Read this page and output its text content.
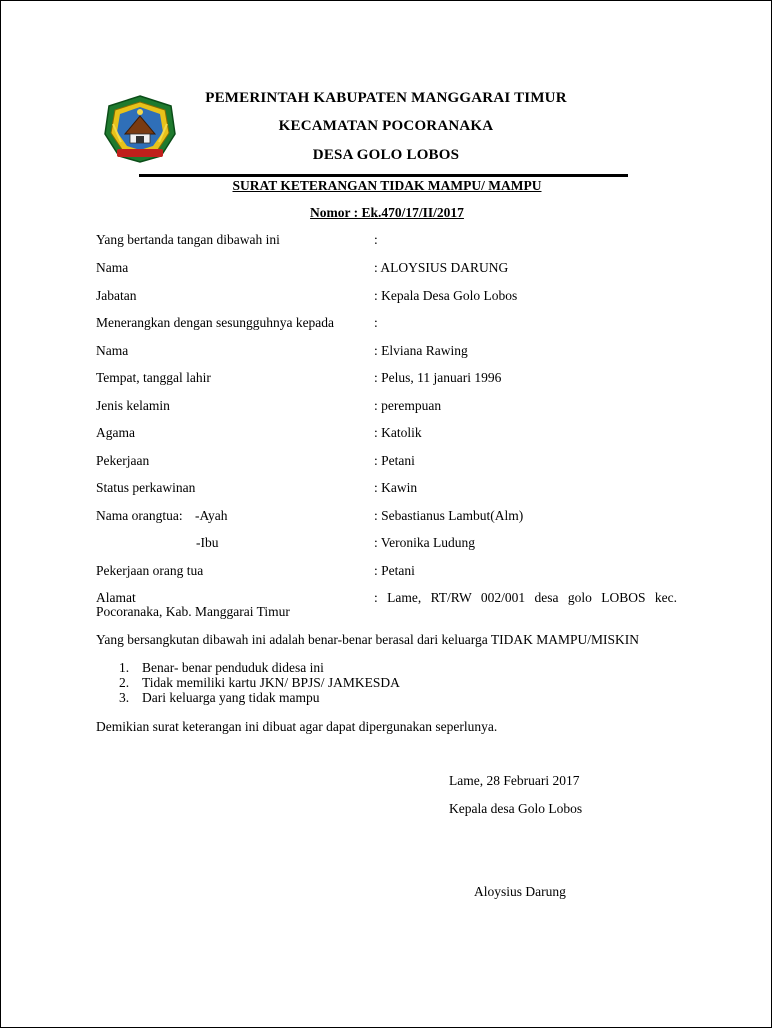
PEMERINTAH KABUPATEN MANGGARAI TIMUR
KECAMATAN POCORANAKA
DESA GOLO LOBOS
SURAT KETERANGAN TIDAK MAMPU/ MAMPU
Nomor : Ek.470/17/II/2017
Yang bertanda tangan dibawah ini	:
Nama	: ALOYSIUS DARUNG
Jabatan	: Kepala Desa Golo Lobos
Menerangkan dengan sesungguhnya kepada	:
Nama	: Elviana Rawing
Tempat, tanggal lahir	: Pelus, 11 januari 1996
Jenis kelamin	: perempuan
Agama	: Katolik
Pekerjaan	: Petani
Status perkawinan	: Kawin
Nama orangtua: -Ayah	: Sebastianus Lambut(Alm)
-Ibu	: Veronika Ludung
Pekerjaan orang tua	: Petani
Alamat	: Lame, RT/RW 002/001 desa golo LOBOS kec.
Pocoranaka, Kab. Manggarai Timur
Yang bersangkutan dibawah ini adalah benar-benar berasal dari keluarga TIDAK MAMPU/MISKIN
1. Benar- benar penduduk didesa ini
2. Tidak memiliki kartu JKN/ BPJS/ JAMKESDA
3. Dari keluarga yang tidak mampu
Demikian surat keterangan ini dibuat agar dapat dipergunakan seperlunya.
Lame, 28 Februari 2017
Kepala desa Golo Lobos
Aloysius Darung
